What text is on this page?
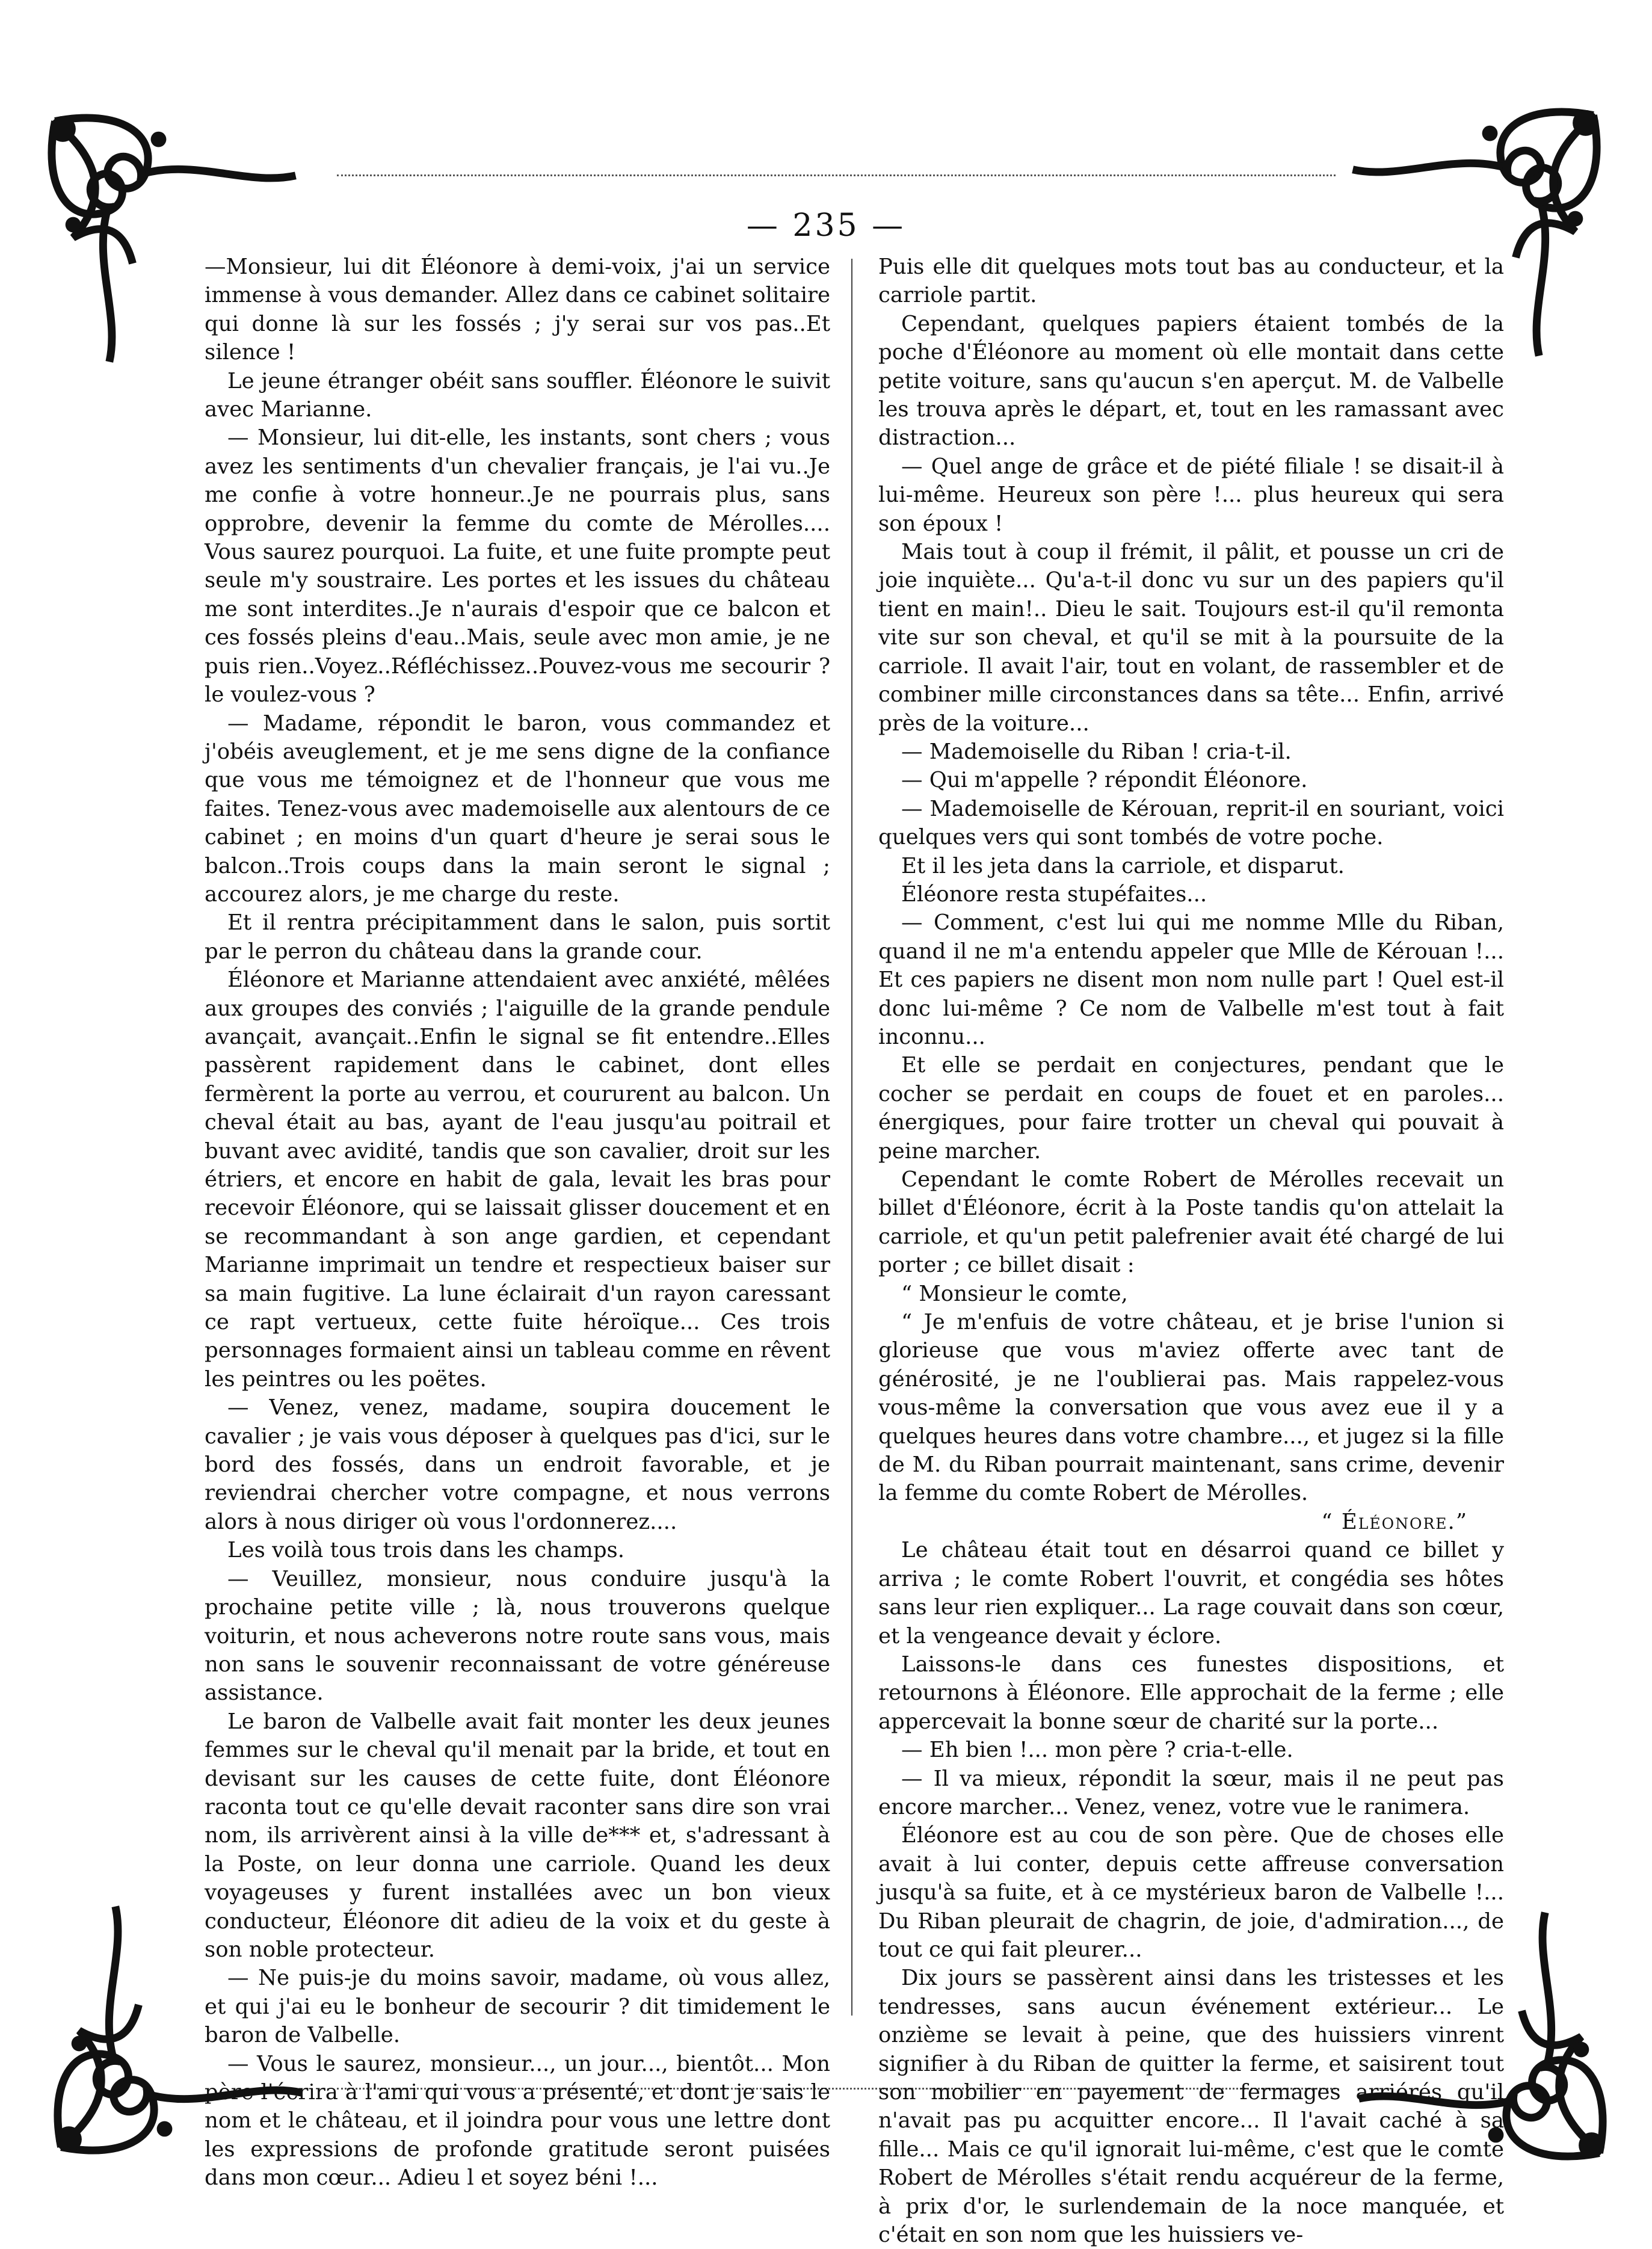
— 235 —

—Monsieur, lui dit Éléonore à demi-voix, j'ai un service immense à vous demander. Allez dans ce cabinet solitaire qui donne là sur les fossés ; j'y serai sur vos pas..Et silence !

Le jeune étranger obéit sans souffler. Éléonore le suivit avec Marianne.

— Monsieur, lui dit-elle, les instants, sont chers ; vous avez les sentiments d'un chevalier français, je l'ai vu..Je me confie à votre honneur..Je ne pourrais plus, sans opprobre, devenir la femme du comte de Mérolles.... Vous saurez pourquoi. La fuite, et une fuite prompte peut seule m'y soustraire. Les portes et les issues du château me sont interdites..Je n'aurais d'espoir que ce balcon et ces fossés pleins d'eau..Mais, seule avec mon amie, je ne puis rien..Voyez..Réfléchissez..Pouvez-vous me secourir ? le voulez-vous ?

— Madame, répondit le baron, vous commandez et j'obéis aveuglement, et je me sens digne de la confiance que vous me témoignez et de l'honneur que vous me faites. Tenez-vous avec mademoiselle aux alentours de ce cabinet ; en moins d'un quart d'heure je serai sous le balcon..Trois coups dans la main seront le signal ; accourez alors, je me charge du reste.

Et il rentra précipitamment dans le salon, puis sortit par le perron du château dans la grande cour.

Éléonore et Marianne attendaient avec anxiété, mêlées aux groupes des conviés ; l'aiguille de la grande pendule avançait, avançait..Enfin le signal se fit entendre..Elles passèrent rapidement dans le cabinet, dont elles fermèrent la porte au verrou, et coururent au balcon. Un cheval était au bas, ayant de l'eau jusqu'au poitrail et buvant avec avidité, tandis que son cavalier, droit sur les étriers, et encore en habit de gala, levait les bras pour recevoir Éléonore, qui se laissait glisser doucement et en se recommandant à son ange gardien, et cependant Marianne imprimait un tendre et respectieux baiser sur sa main fugitive. La lune éclairait d'un rayon caressant ce rapt vertueux, cette fuite héroïque... Ces trois personnages formaient ainsi un tableau comme en rêvent les peintres ou les poëtes.

— Venez, venez, madame, soupira doucement le cavalier ; je vais vous déposer à quelques pas d'ici, sur le bord des fossés, dans un endroit favorable, et je reviendrai chercher votre compagne, et nous verrons alors à nous diriger où vous l'ordonnerez....

Les voilà tous trois dans les champs.

— Veuillez, monsieur, nous conduire jusqu'à la prochaine petite ville ; là, nous trouverons quelque voiturin, et nous acheverons notre route sans vous, mais non sans le souvenir reconnaissant de votre généreuse assistance.

Le baron de Valbelle avait fait monter les deux jeunes femmes sur le cheval qu'il menait par la bride, et tout en devisant sur les causes de cette fuite, dont Éléonore raconta tout ce qu'elle devait raconter sans dire son vrai nom, ils arrivèrent ainsi à la ville de*** et, s'adressant à la Poste, on leur donna une carriole. Quand les deux voyageuses y furent installées avec un bon vieux conducteur, Éléonore dit adieu de la voix et du geste à son noble protecteur.

— Ne puis-je du moins savoir, madame, où vous allez, et qui j'ai eu le bonheur de secourir ? dit timidement le baron de Valbelle.

— Vous le saurez, monsieur..., un jour..., bientôt... Mon père l'écrira à l'ami qui vous a présenté, et dont je sais le nom et le château, et il joindra pour vous une lettre dont les expressions de profonde gratitude seront puisées dans mon cœur... Adieu l et soyez béni !...

Puis elle dit quelques mots tout bas au conducteur, et la carriole partit.

Cependant, quelques papiers étaient tombés de la poche d'Éléonore au moment où elle montait dans cette petite voiture, sans qu'aucun s'en aperçut. M. de Valbelle les trouva après le départ, et, tout en les ramassant avec distraction...

— Quel ange de grâce et de piété filiale ! se disait-il à lui-même. Heureux son père !... plus heureux qui sera son époux !

Mais tout à coup il frémit, il pâlit, et pousse un cri de joie inquiète... Qu'a-t-il donc vu sur un des papiers qu'il tient en main!.. Dieu le sait. Toujours est-il qu'il remonta vite sur son cheval, et qu'il se mit à la poursuite de la carriole. Il avait l'air, tout en volant, de rassembler et de combiner mille circonstances dans sa tête... Enfin, arrivé près de la voiture...

— Mademoiselle du Riban ! cria-t-il.

— Qui m'appelle ? répondit Éléonore.

— Mademoiselle de Kérouan, reprit-il en souriant, voici quelques vers qui sont tombés de votre poche.

Et il les jeta dans la carriole, et disparut.

Éléonore resta stupéfaites...

— Comment, c'est lui qui me nomme Mlle du Riban, quand il ne m'a entendu appeler que Mlle de Kérouan !... Et ces papiers ne disent mon nom nulle part ! Quel est-il donc lui-même ? Ce nom de Valbelle m'est tout à fait inconnu...

Et elle se perdait en conjectures, pendant que le cocher se perdait en coups de fouet et en paroles... énergiques, pour faire trotter un cheval qui pouvait à peine marcher.

Cependant le comte Robert de Mérolles recevait un billet d'Éléonore, écrit à la Poste tandis qu'on attelait la carriole, et qu'un petit palefrenier avait été chargé de lui porter ; ce billet disait :

“ Monsieur le comte,

“ Je m'enfuis de votre château, et je brise l'union si glorieuse que vous m'aviez offerte avec tant de générosité, je ne l'oublierai pas. Mais rappelez-vous vous-même la conversation que vous avez eue il y a quelques heures dans votre chambre..., et jugez si la fille de M. du Riban pourrait maintenant, sans crime, devenir la femme du comte Robert de Mérolles.

“ Éléonore.”

Le château était tout en désarroi quand ce billet y arriva ; le comte Robert l'ouvrit, et congédia ses hôtes sans leur rien expliquer... La rage couvait dans son cœur, et la vengeance devait y éclore.

Laissons-le dans ces funestes dispositions, et retournons à Éléonore. Elle approchait de la ferme ; elle appercevait la bonne sœur de charité sur la porte...

— Eh bien !... mon père ? cria-t-elle.

— Il va mieux, répondit la sœur, mais il ne peut pas encore marcher... Venez, venez, votre vue le ranimera.

Éléonore est au cou de son père. Que de choses elle avait à lui conter, depuis cette affreuse conversation jusqu'à sa fuite, et à ce mystérieux baron de Valbelle !... Du Riban pleurait de chagrin, de joie, d'admiration..., de tout ce qui fait pleurer...

Dix jours se passèrent ainsi dans les tristesses et les tendresses, sans aucun événement extérieur... Le onzième se levait à peine, que des huissiers vinrent signifier à du Riban de quitter la ferme, et saisirent tout son mobilier en payement de fermages arriérés qu'il n'avait pas pu acquitter encore... Il l'avait caché à sa fille... Mais ce qu'il ignorait lui-même, c'est que le comte Robert de Mérolles s'était rendu acquéreur de la ferme, à prix d'or, le surlendemain de la noce manquée, et c'était en son nom que les huissiers ve-
